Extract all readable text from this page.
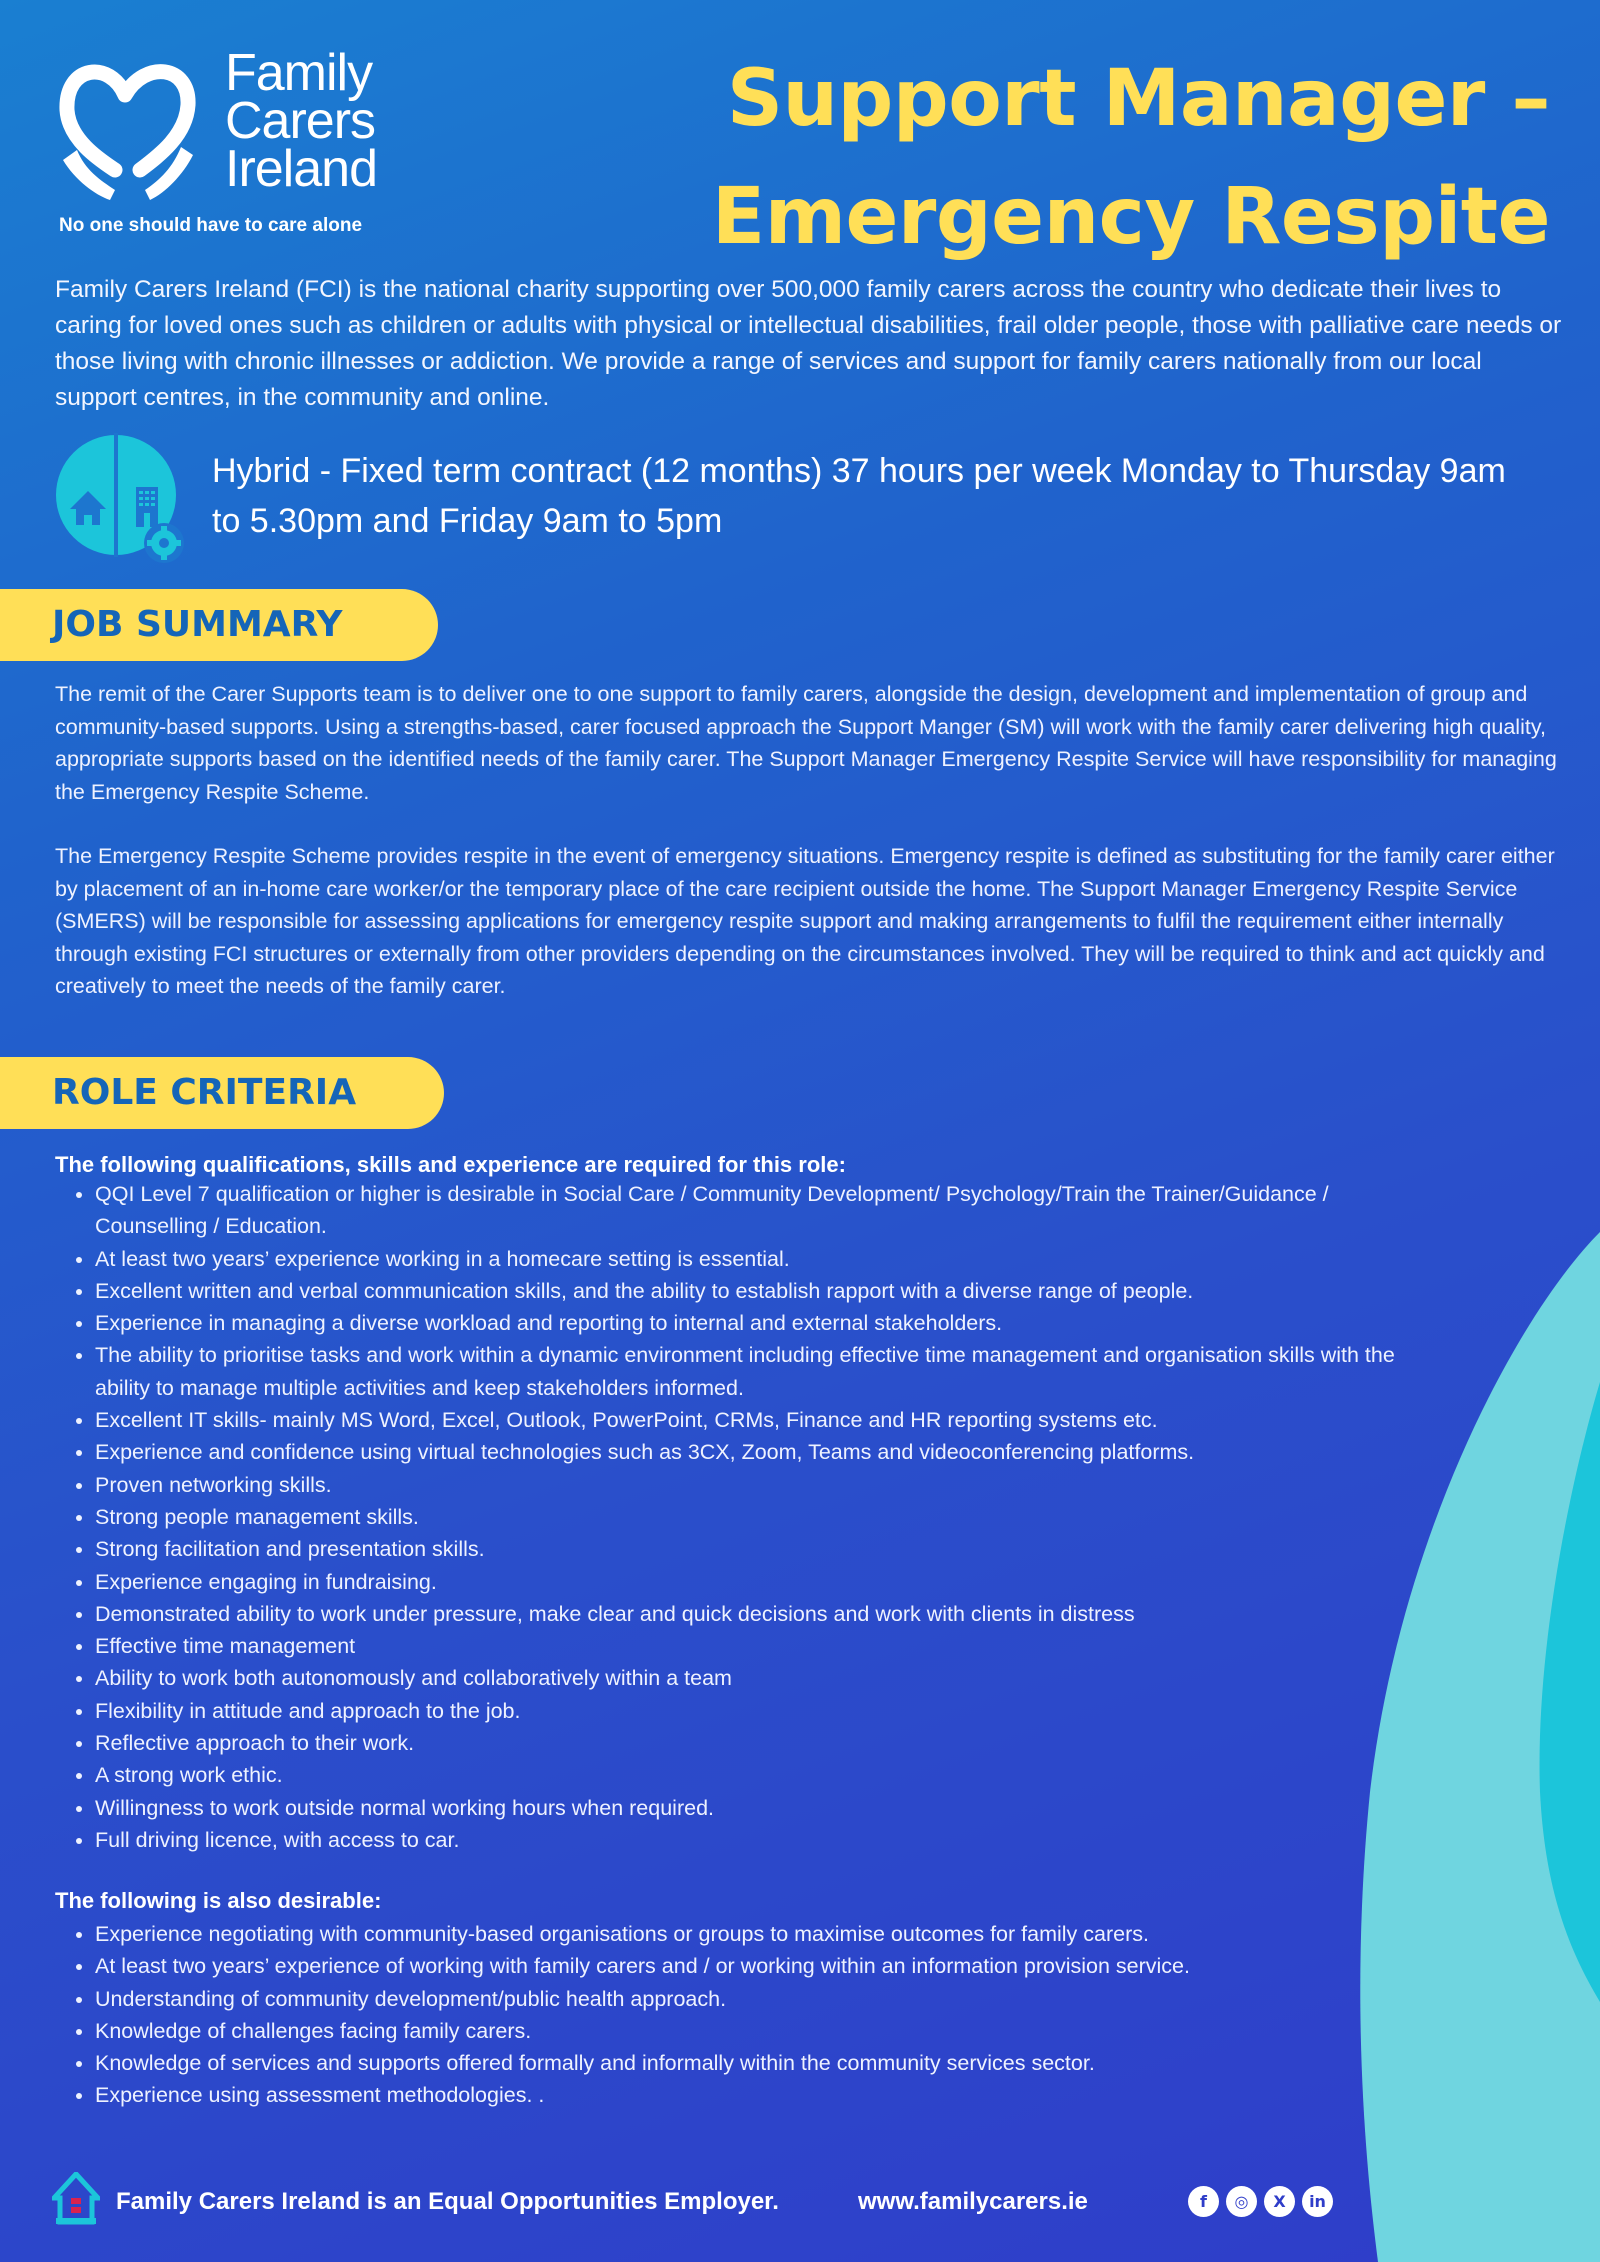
Family
Carers
Ireland
No one should have to care alone
Support Manager –
Emergency Respite
Family Carers Ireland (FCI) is the national charity supporting over 500,000 family carers across the country who dedicate their lives to caring for loved ones such as children or adults with physical or intellectual disabilities, frail older people, those with palliative care needs or those living with chronic illnesses or addiction. We provide a range of services and support for family carers nationally from our local support centres, in the community and online.
Hybrid - Fixed term contract (12 months) 37 hours per week Monday to Thursday 9am to 5.30pm and Friday 9am to 5pm
JOB SUMMARY
The remit of the Carer Supports team is to deliver one to one support to family carers, alongside the design, development and implementation of group and community-based supports. Using a strengths-based, carer focused approach the Support Manger (SM) will work with the family carer delivering high quality, appropriate supports based on the identified needs of the family carer. The Support Manager Emergency Respite Service will have responsibility for managing the Emergency Respite Scheme.
The Emergency Respite Scheme provides respite in the event of emergency situations. Emergency respite is defined as substituting for the family carer either by placement of an in-home care worker/or the temporary place of the care recipient outside the home. The Support Manager Emergency Respite Service (SMERS) will be responsible for assessing applications for emergency respite support and making arrangements to fulfil the requirement either internally through existing FCI structures or externally from other providers depending on the circumstances involved. They will be required to think and act quickly and creatively to meet the needs of the family carer.
ROLE CRITERIA
The following qualifications, skills and experience are required for this role:
• QQI Level 7 qualification or higher is desirable in Social Care / Community Development/ Psychology/Train the Trainer/Guidance / Counselling / Education.
• At least two years’ experience working in a homecare setting is essential.
• Excellent written and verbal communication skills, and the ability to establish rapport with a diverse range of people.
• Experience in managing a diverse workload and reporting to internal and external stakeholders.
• The ability to prioritise tasks and work within a dynamic environment including effective time management and organisation skills with the ability to manage multiple activities and keep stakeholders informed.
• Excellent IT skills- mainly MS Word, Excel, Outlook, PowerPoint, CRMs, Finance and HR reporting systems etc.
• Experience and confidence using virtual technologies such as 3CX, Zoom, Teams and videoconferencing platforms.
• Proven networking skills.
• Strong people management skills.
• Strong facilitation and presentation skills.
• Experience engaging in fundraising.
• Demonstrated ability to work under pressure, make clear and quick decisions and work with clients in distress
• Effective time management
• Ability to work both autonomously and collaboratively within a team
• Flexibility in attitude and approach to the job.
• Reflective approach to their work.
• A strong work ethic.
• Willingness to work outside normal working hours when required.
• Full driving licence, with access to car.
The following is also desirable:
• Experience negotiating with community-based organisations or groups to maximise outcomes for family carers.
• At least two years’ experience of working with family carers and / or working within an information provision service.
• Understanding of community development/public health approach.
• Knowledge of challenges facing family carers.
• Knowledge of services and supports offered formally and informally within the community services sector.
• Experience using assessment methodologies. .
Family Carers Ireland is an Equal Opportunities Employer.	www.familycarers.ie	f	◎	X	in
